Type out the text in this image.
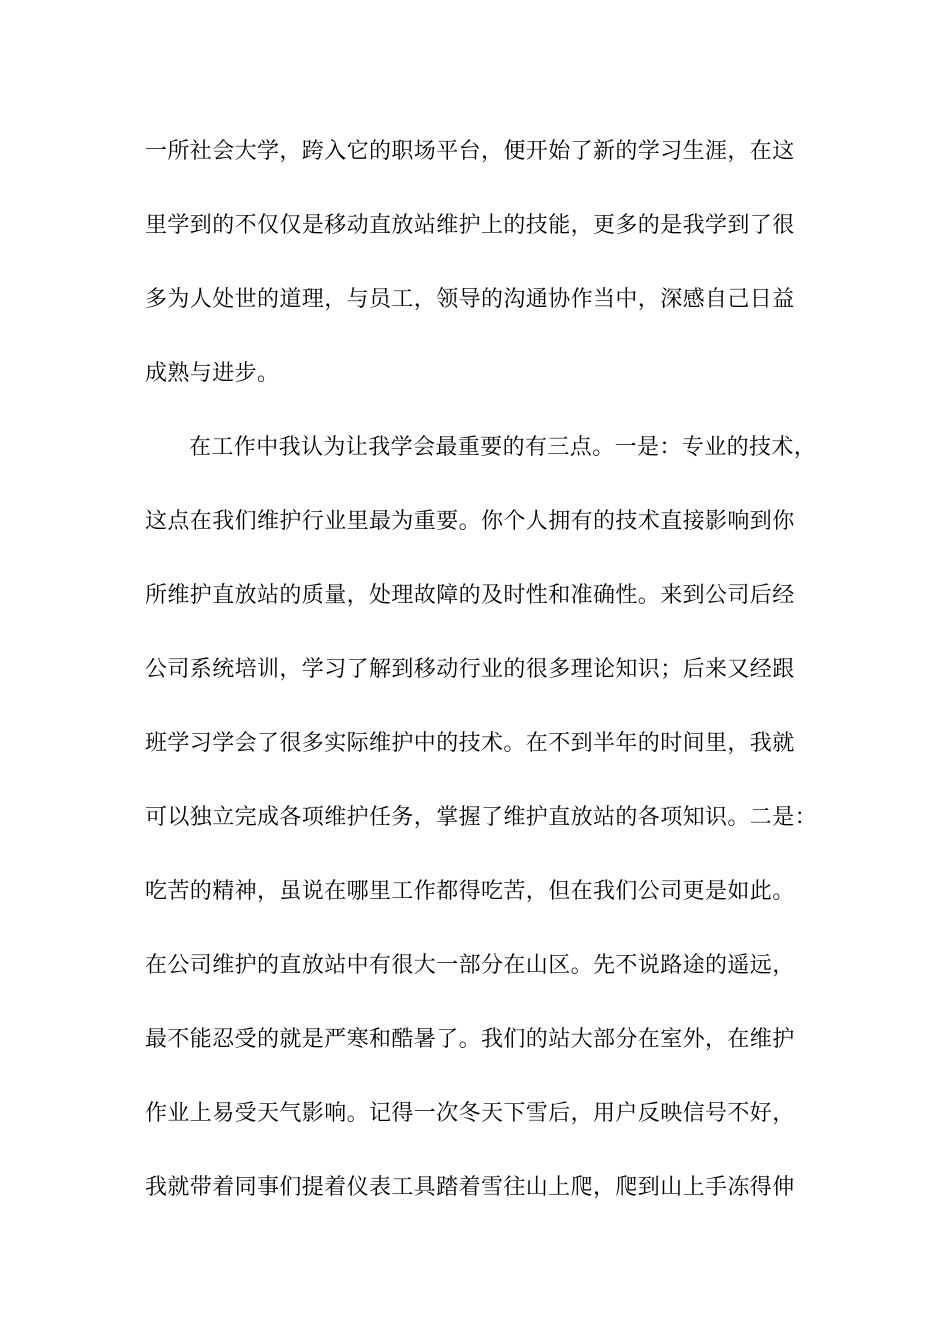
一所社会大学，跨入它的职场平台，便开始了新的学习生涯，在这
里学到的不仅仅是移动直放站维护上的技能，更多的是我学到了很
多为人处世的道理，与员工，领导的沟通协作当中，深感自己日益
成熟与进步。
在工作中我认为让我学会最重要的有三点。一是：专业的技术，
这点在我们维护行业里最为重要。你个人拥有的技术直接影响到你
所维护直放站的质量，处理故障的及时性和准确性。来到公司后经
公司系统培训，学习了解到移动行业的很多理论知识；后来又经跟
班学习学会了很多实际维护中的技术。在不到半年的时间里，我就
可以独立完成各项维护任务，掌握了维护直放站的各项知识。二是：
吃苦的精神，虽说在哪里工作都得吃苦，但在我们公司更是如此。
在公司维护的直放站中有很大一部分在山区。先不说路途的遥远，
最不能忍受的就是严寒和酷暑了。我们的站大部分在室外，在维护
作业上易受天气影响。记得一次冬天下雪后，用户反映信号不好，
我就带着同事们提着仪表工具踏着雪往山上爬，爬到山上手冻得伸
